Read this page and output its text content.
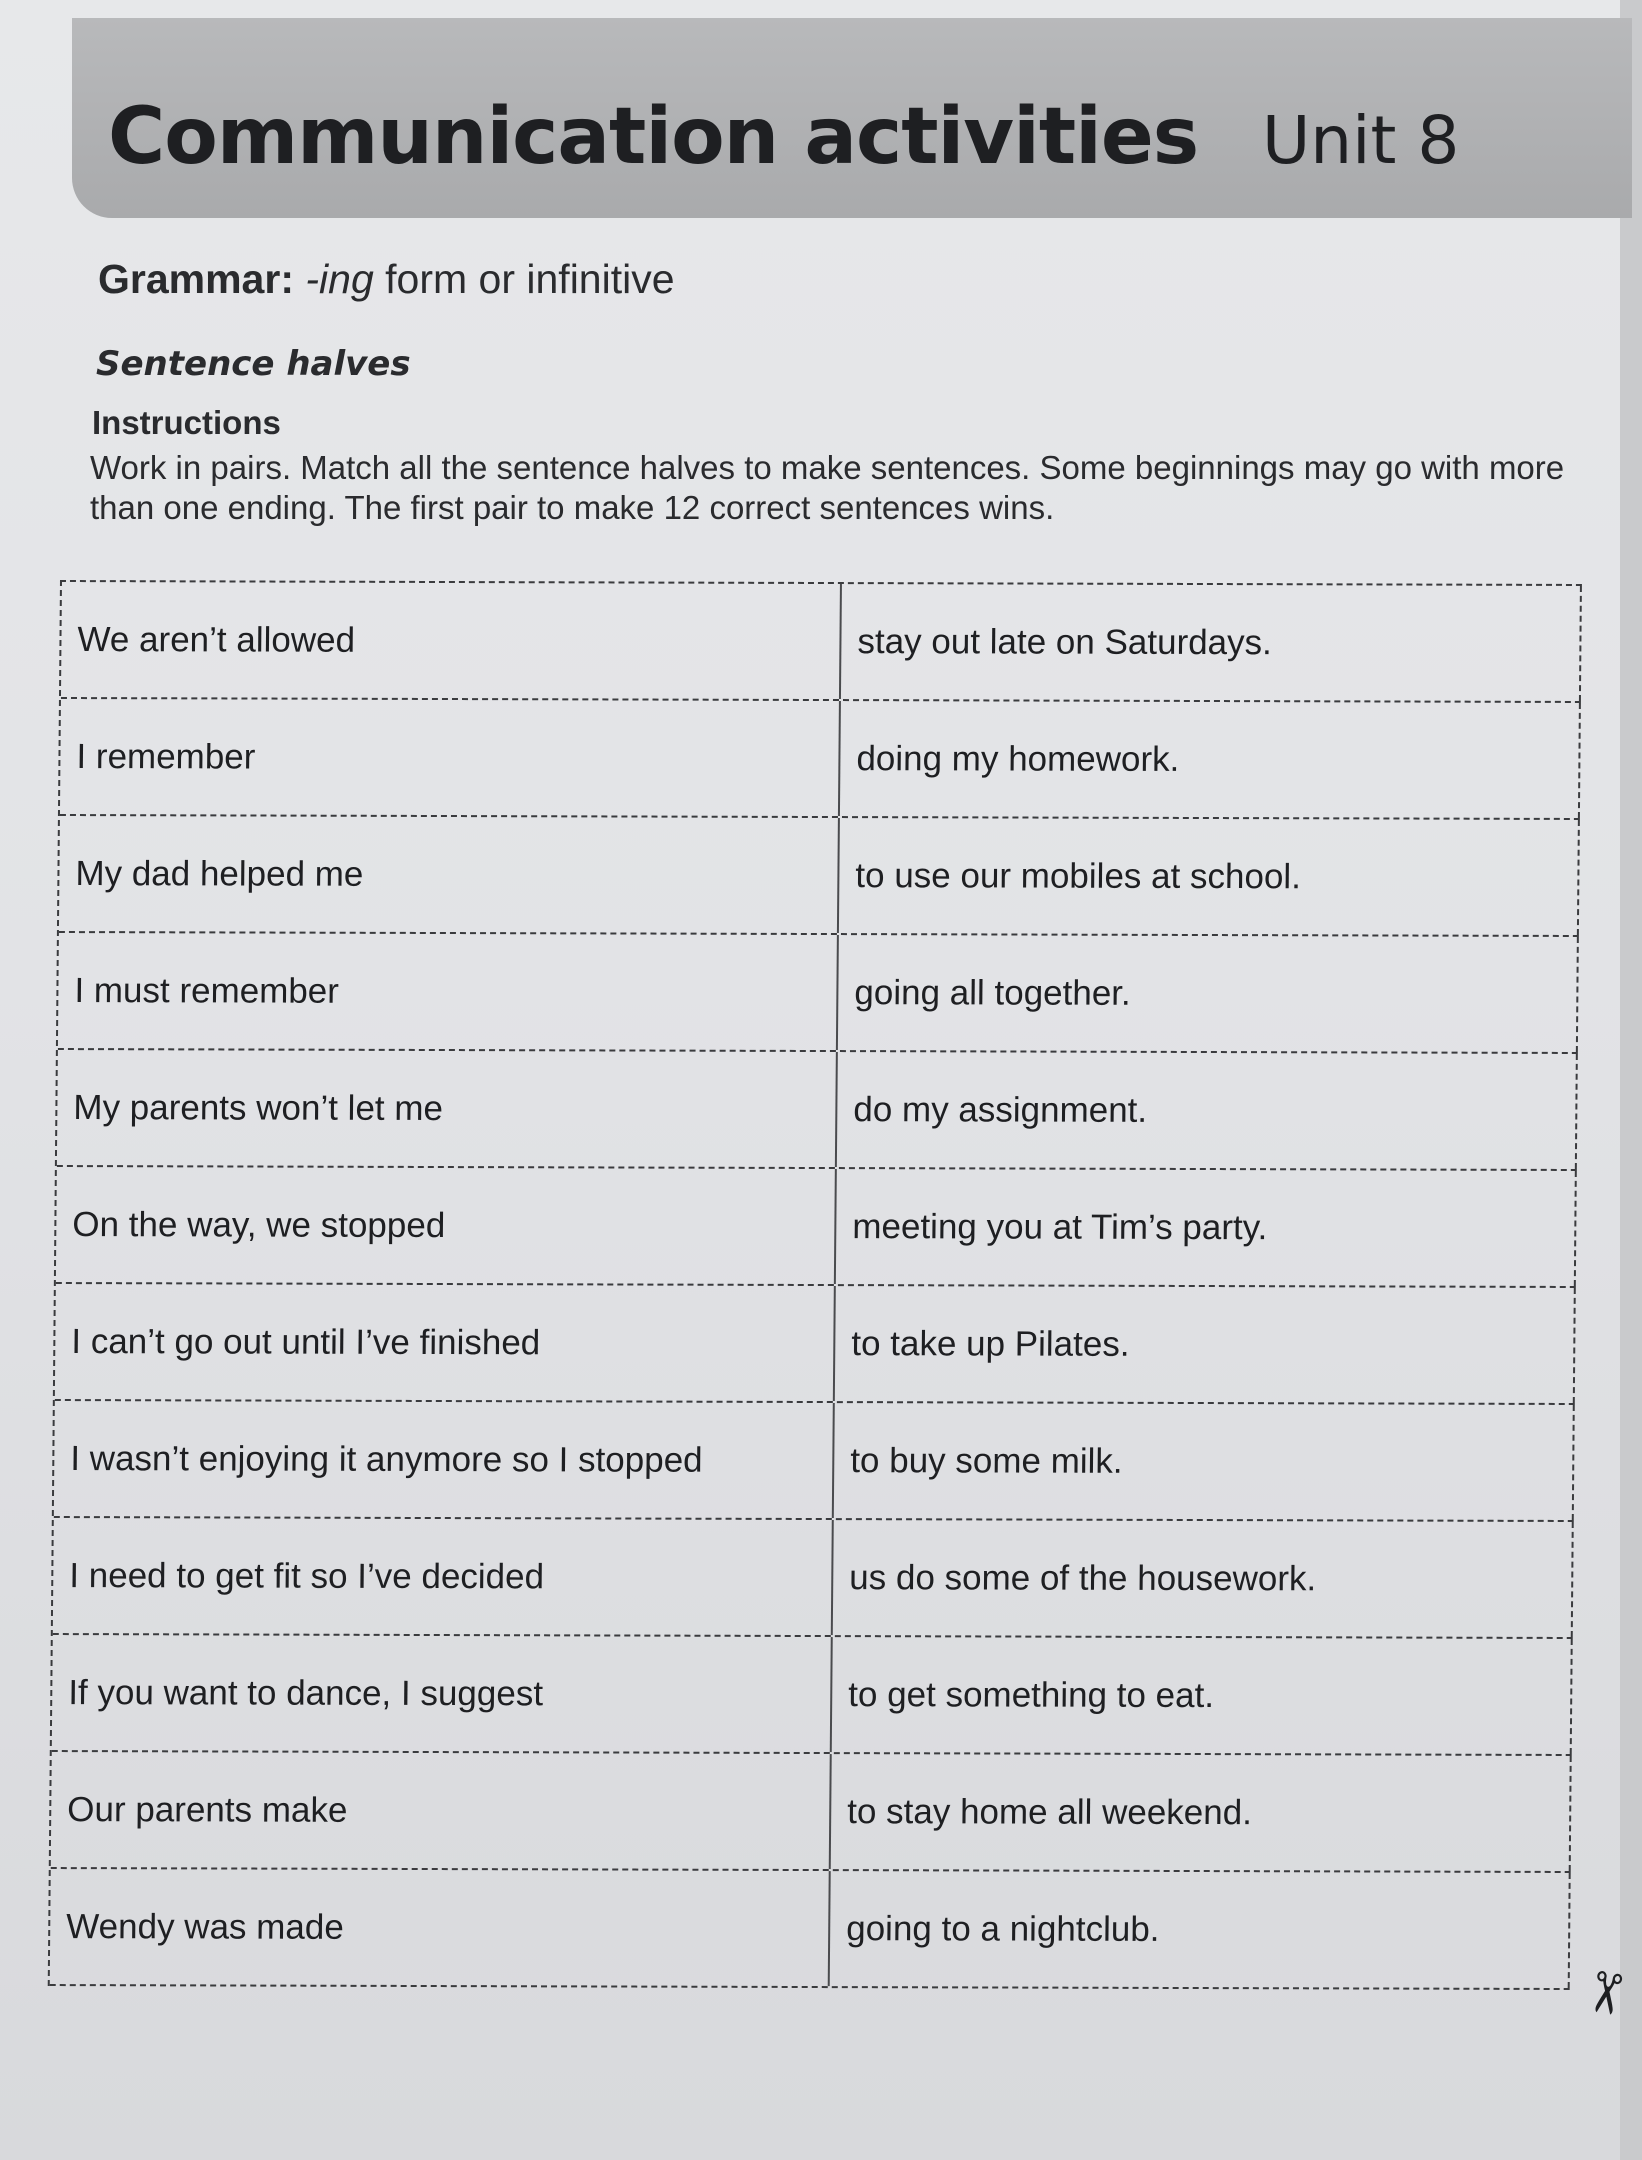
Communication activities Unit 8
Grammar: -ing form or infinitive
Sentence halves
Instructions
Work in pairs. Match all the sentence halves to make sentences. Some beginnings may go with more than one ending. The first pair to make 12 correct sentences wins.
We aren’t allowed	stay out late on Saturdays.
I remember	doing my homework.
My dad helped me	to use our mobiles at school.
I must remember	going all together.
My parents won’t let me	do my assignment.
On the way, we stopped	meeting you at Tim’s party.
I can’t go out until I’ve finished	to take up Pilates.
I wasn’t enjoying it anymore so I stopped	to buy some milk.
I need to get fit so I’ve decided	us do some of the housework.
If you want to dance, I suggest	to get something to eat.
Our parents make	to stay home all weekend.
Wendy was made	going to a nightclub.
✂
